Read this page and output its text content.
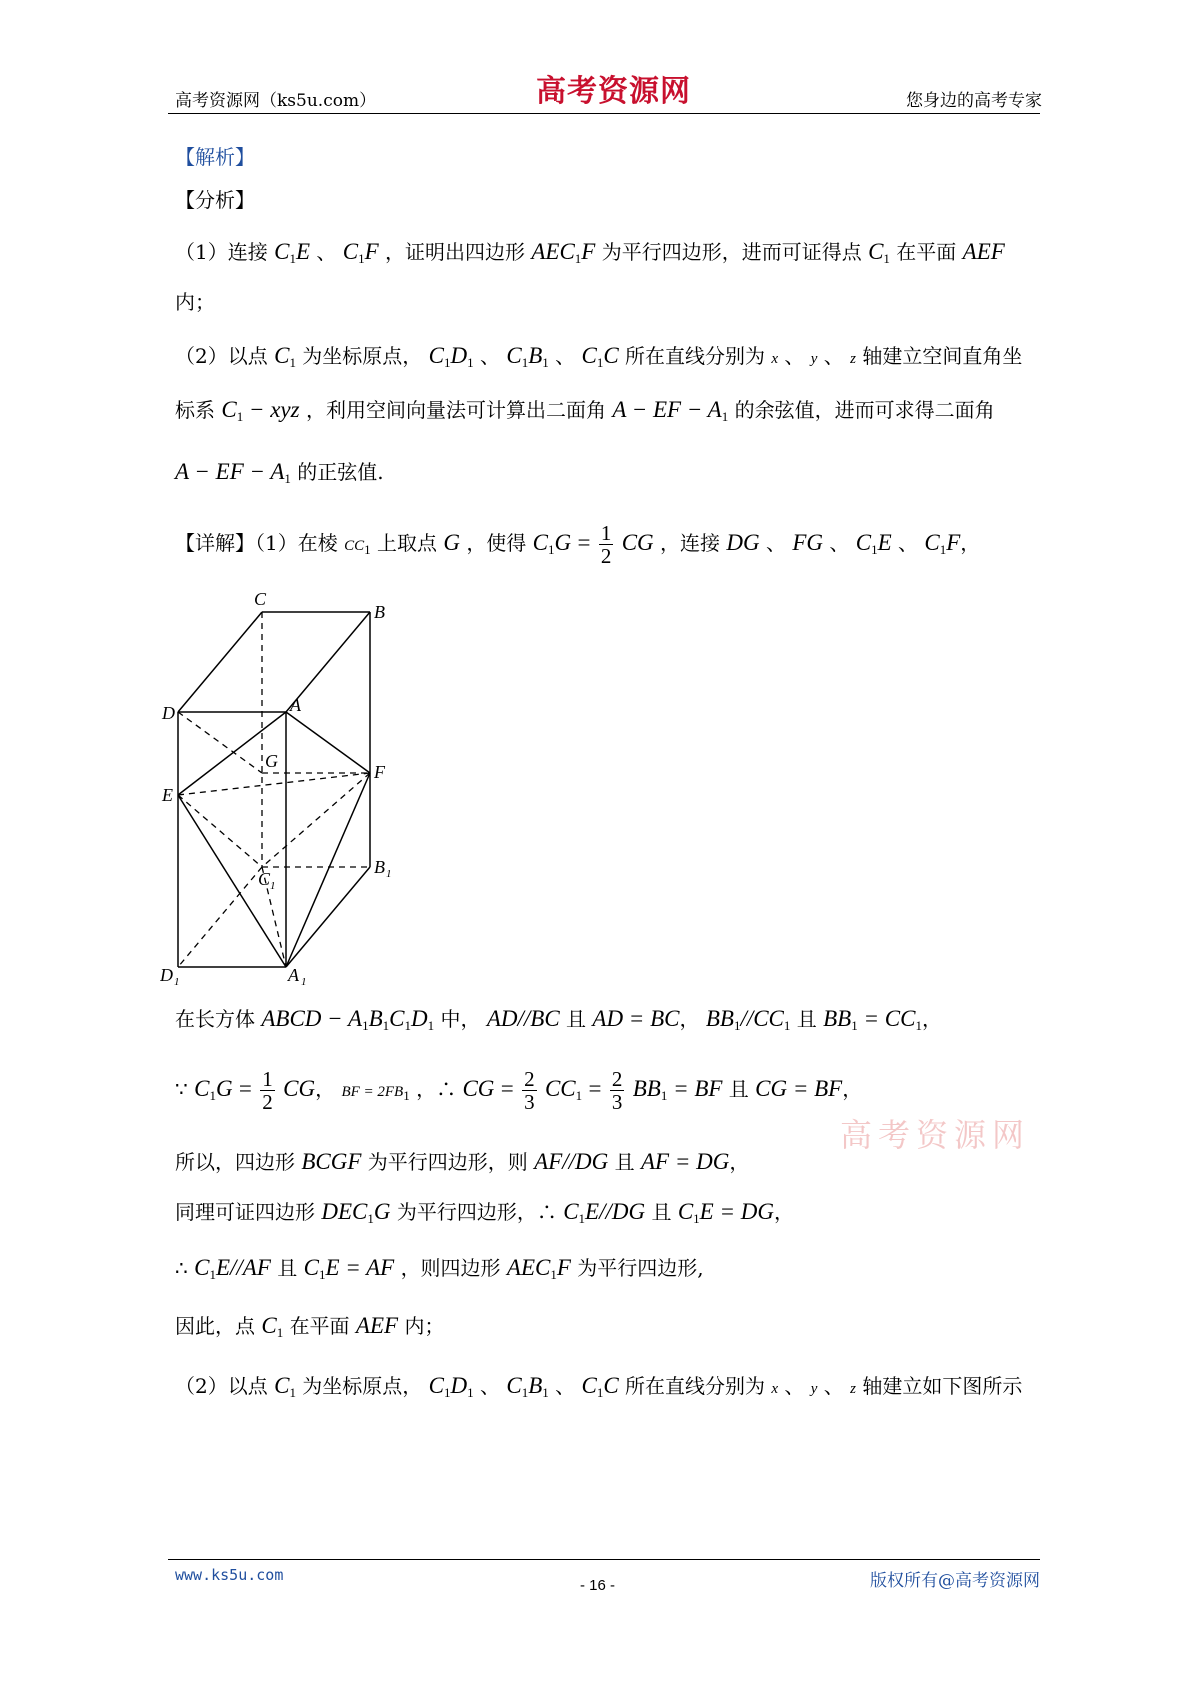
高考资源网（ks5u.com）	高考资源网	您身边的高考专家
【解析】
【分析】
（1）连接 $C_1E$ 、 $C_1F$ ，证明出四边形 $AEC_1F$ 为平行四边形，进而可证得点 $C_1$ 在平面 AEF
内；
（2）以点 $C_1$ 为坐标原点， $C_1D_1$ 、 $C_1B_1$ 、 $C_1C$ 所在直线分别为 x 、 y 、 z 轴建立空间直角坐
标系 $C_1$ − xyz ，利用空间向量法可计算出二面角 A − EF − $A_1$ 的余弦值，进而可求得二面角
A − EF − $A_1$ 的正弦值.
【详解】（1）在棱 $CC_1$ 上取点 G ，使得 $C_1G = \frac{1}{2}$ CG ，连接 DG 、 FG 、 $C_1E$ 、 $C_1F$，
C
B
D	A
G
E
F
C 1
B 1
D 1	A 1
在长方体 ABCD − $A_1B_1C_1D_1$ 中， AD//BC 且 AD = BC， $BB_1//CC_1$ 且 $BB_1 = CC_1$，
高考资源网
∵ $C_1G = \frac{1}{2}$ CG， BF = $2FB_1$ ，∴ CG = $\frac{2}{3} CC_1 = \frac{2}{3} BB_1$ = BF 且 CG = BF，
所以，四边形 BCGF 为平行四边形，则 AF//DG 且 AF = DG，
同理可证四边形 $DEC_1G$ 为平行四边形，∴ $C_1E//DG$ 且 $C_1E$ = DG，
∴ $C_1E//AF$ 且 $C_1E$ = AF ，则四边形 $AEC_1F$ 为平行四边形,
因此，点 $C_1$ 在平面 AEF 内；
（2）以点 $C_1$ 为坐标原点， $C_1D_1$ 、 $C_1B_1$ 、 $C_1C$ 所在直线分别为 x 、 y 、 z 轴建立如下图所示
www.ks5u.com
- 16 -	版权所有@高考资源网
